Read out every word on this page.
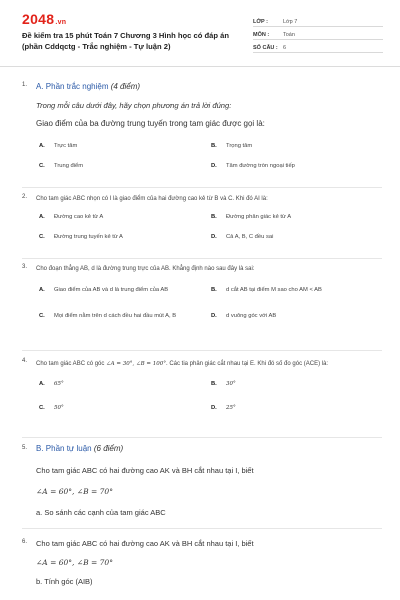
2048.vn
Đề kiểm tra 15 phút Toán 7 Chương 3 Hình học có đáp án (phần Cddqctg - Trắc nghiệm - Tự luận 2)
LỚP :	Lớp 7
MÔN :	Toán
SỐ CÂU : 6
1.	A. Phần trắc nghiệm (4 điểm)
Trong mỗi câu dưới đây, hãy chọn phương án trả lời đúng:
Giao điểm của ba đường trung tuyến trong tam giác được gọi là:
A.	Trực tâm	B.	Trọng tâm
C.	Trung điểm	D.	Tâm đường tròn ngoại tiếp
2.	Cho tam giác ABC nhọn có I là giao điểm của hai đường cao kẻ từ B và C. Khi đó AI là:
A.	Đường cao kẻ từ A	B.	Đường phân giác kẻ từ A
C.	Đường trung tuyến kẻ từ A	D.	Cả A, B, C đều sai
3.	Cho đoạn thẳng AB, d là đường trung trực của AB. Khẳng định nào sau đây là sai:
A.	Giao điểm của AB và d là trung điểm của AB	B.	d cắt AB tại điểm M sao cho AM < AB
C.	Mọi điểm nằm trên d cách đều hai đầu mút A, B	D.	d vuông góc với AB
4.	Cho tam giác ABC có góc ∠A = 30°, ∠B = 100°. Các tia phân giác cắt nhau tại E. Khi đó số đo góc (ACE) là:
A.	65°	B.	30°
C.	50°	D.	25°
5.	B. Phần tự luận (6 điểm)
Cho tam giác ABC có hai đường cao AK và BH cắt nhau tại I, biết
∠A = 60°, ∠B = 70°
a. So sánh các cạnh của tam giác ABC
6.	Cho tam giác ABC có hai đường cao AK và BH cắt nhau tại I, biết
∠A = 60°, ∠B = 70°
b. Tính góc (AIB)
